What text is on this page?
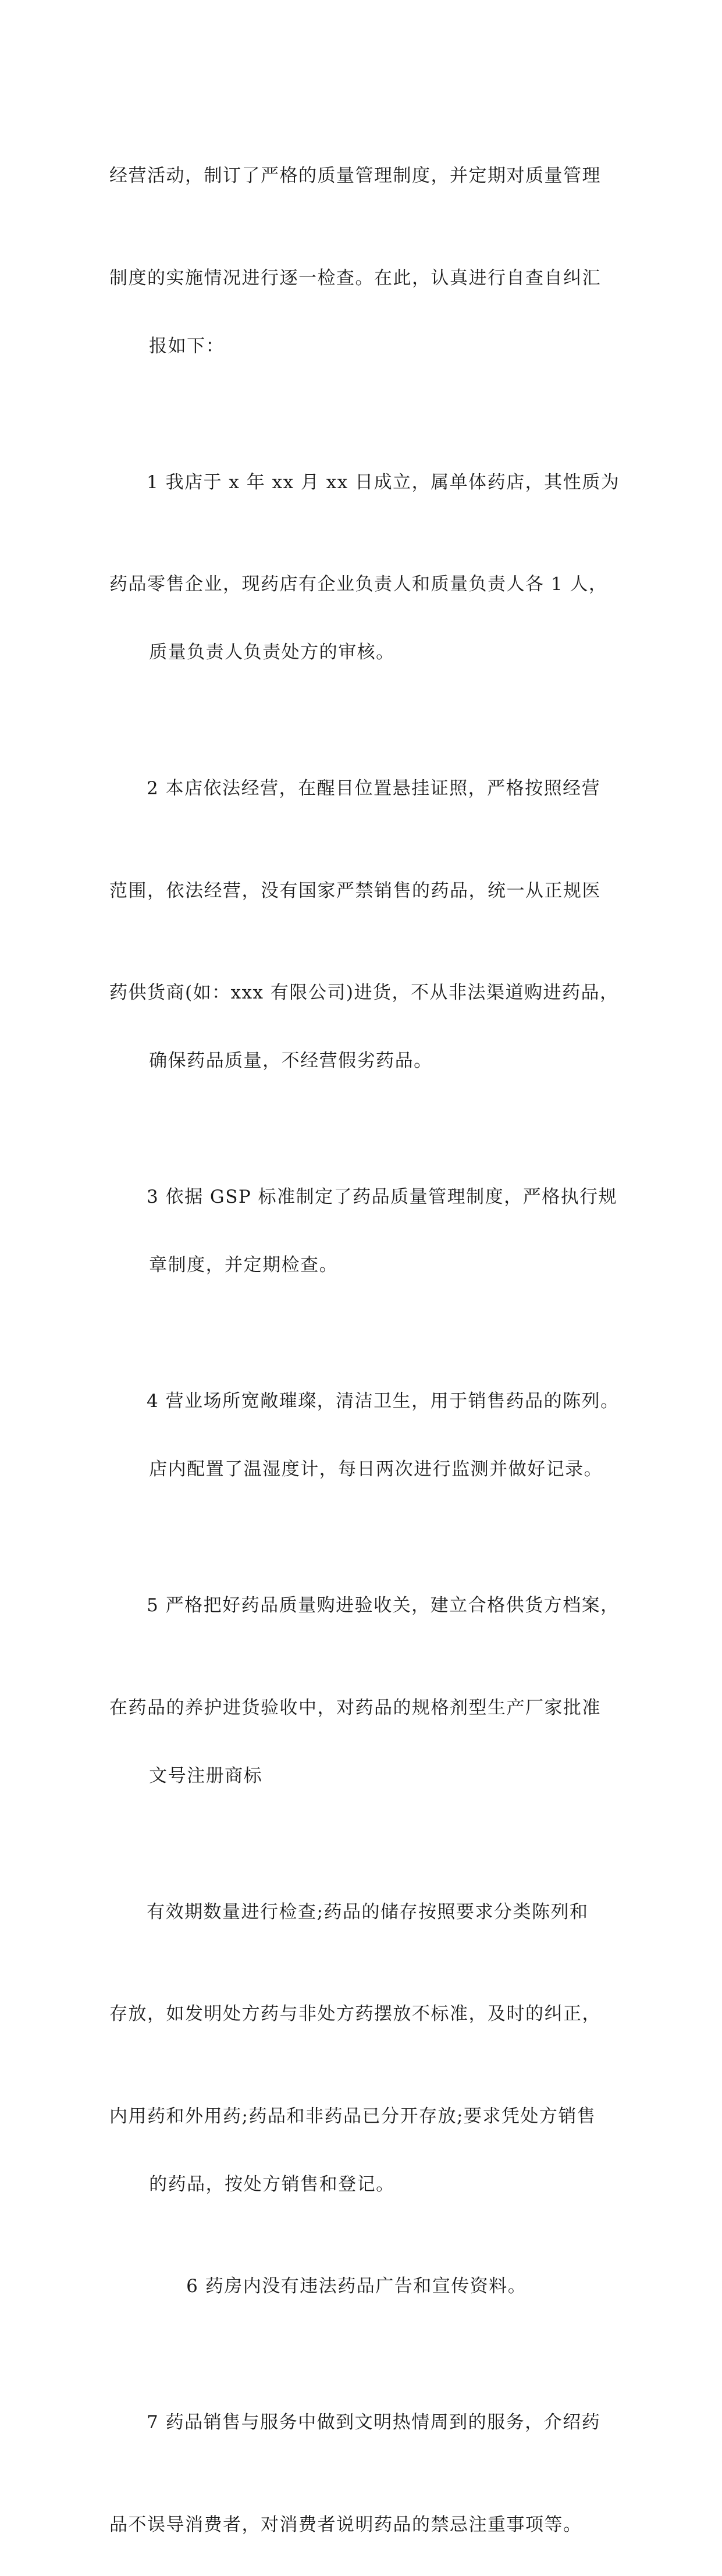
经营活动，制订了严格的质量管理制度，并定期对质量管理

制度的实施情况进行逐一检查。在此，认真进行自查自纠汇

报如下：

1 我店于 x 年 xx 月 xx 日成立，属单体药店，其性质为

药品零售企业，现药店有企业负责人和质量负责人各 1 人，

质量负责人负责处方的审核。

2 本店依法经营，在醒目位置悬挂证照，严格按照经营

范围，依法经营，没有国家严禁销售的药品，统一从正规医

药供货商(如：xxx 有限公司)进货，不从非法渠道购进药品，

确保药品质量，不经营假劣药品。

3 依据 GSP 标准制定了药品质量管理制度，严格执行规

章制度，并定期检查。

4 营业场所宽敞璀璨，清洁卫生，用于销售药品的陈列。

店内配置了温湿度计，每日两次进行监测并做好记录。

5 严格把好药品质量购进验收关，建立合格供货方档案，

在药品的养护进货验收中，对药品的规格剂型生产厂家批准

文号注册商标

有效期数量进行检查;药品的储存按照要求分类陈列和

存放，如发明处方药与非处方药摆放不标准，及时的纠正，

内用药和外用药;药品和非药品已分开存放;要求凭处方销售

的药品，按处方销售和登记。

6 药房内没有违法药品广告和宣传资料。

7 药品销售与服务中做到文明热情周到的服务，介绍药

品不误导消费者，对消费者说明药品的禁忌注重事项等。
